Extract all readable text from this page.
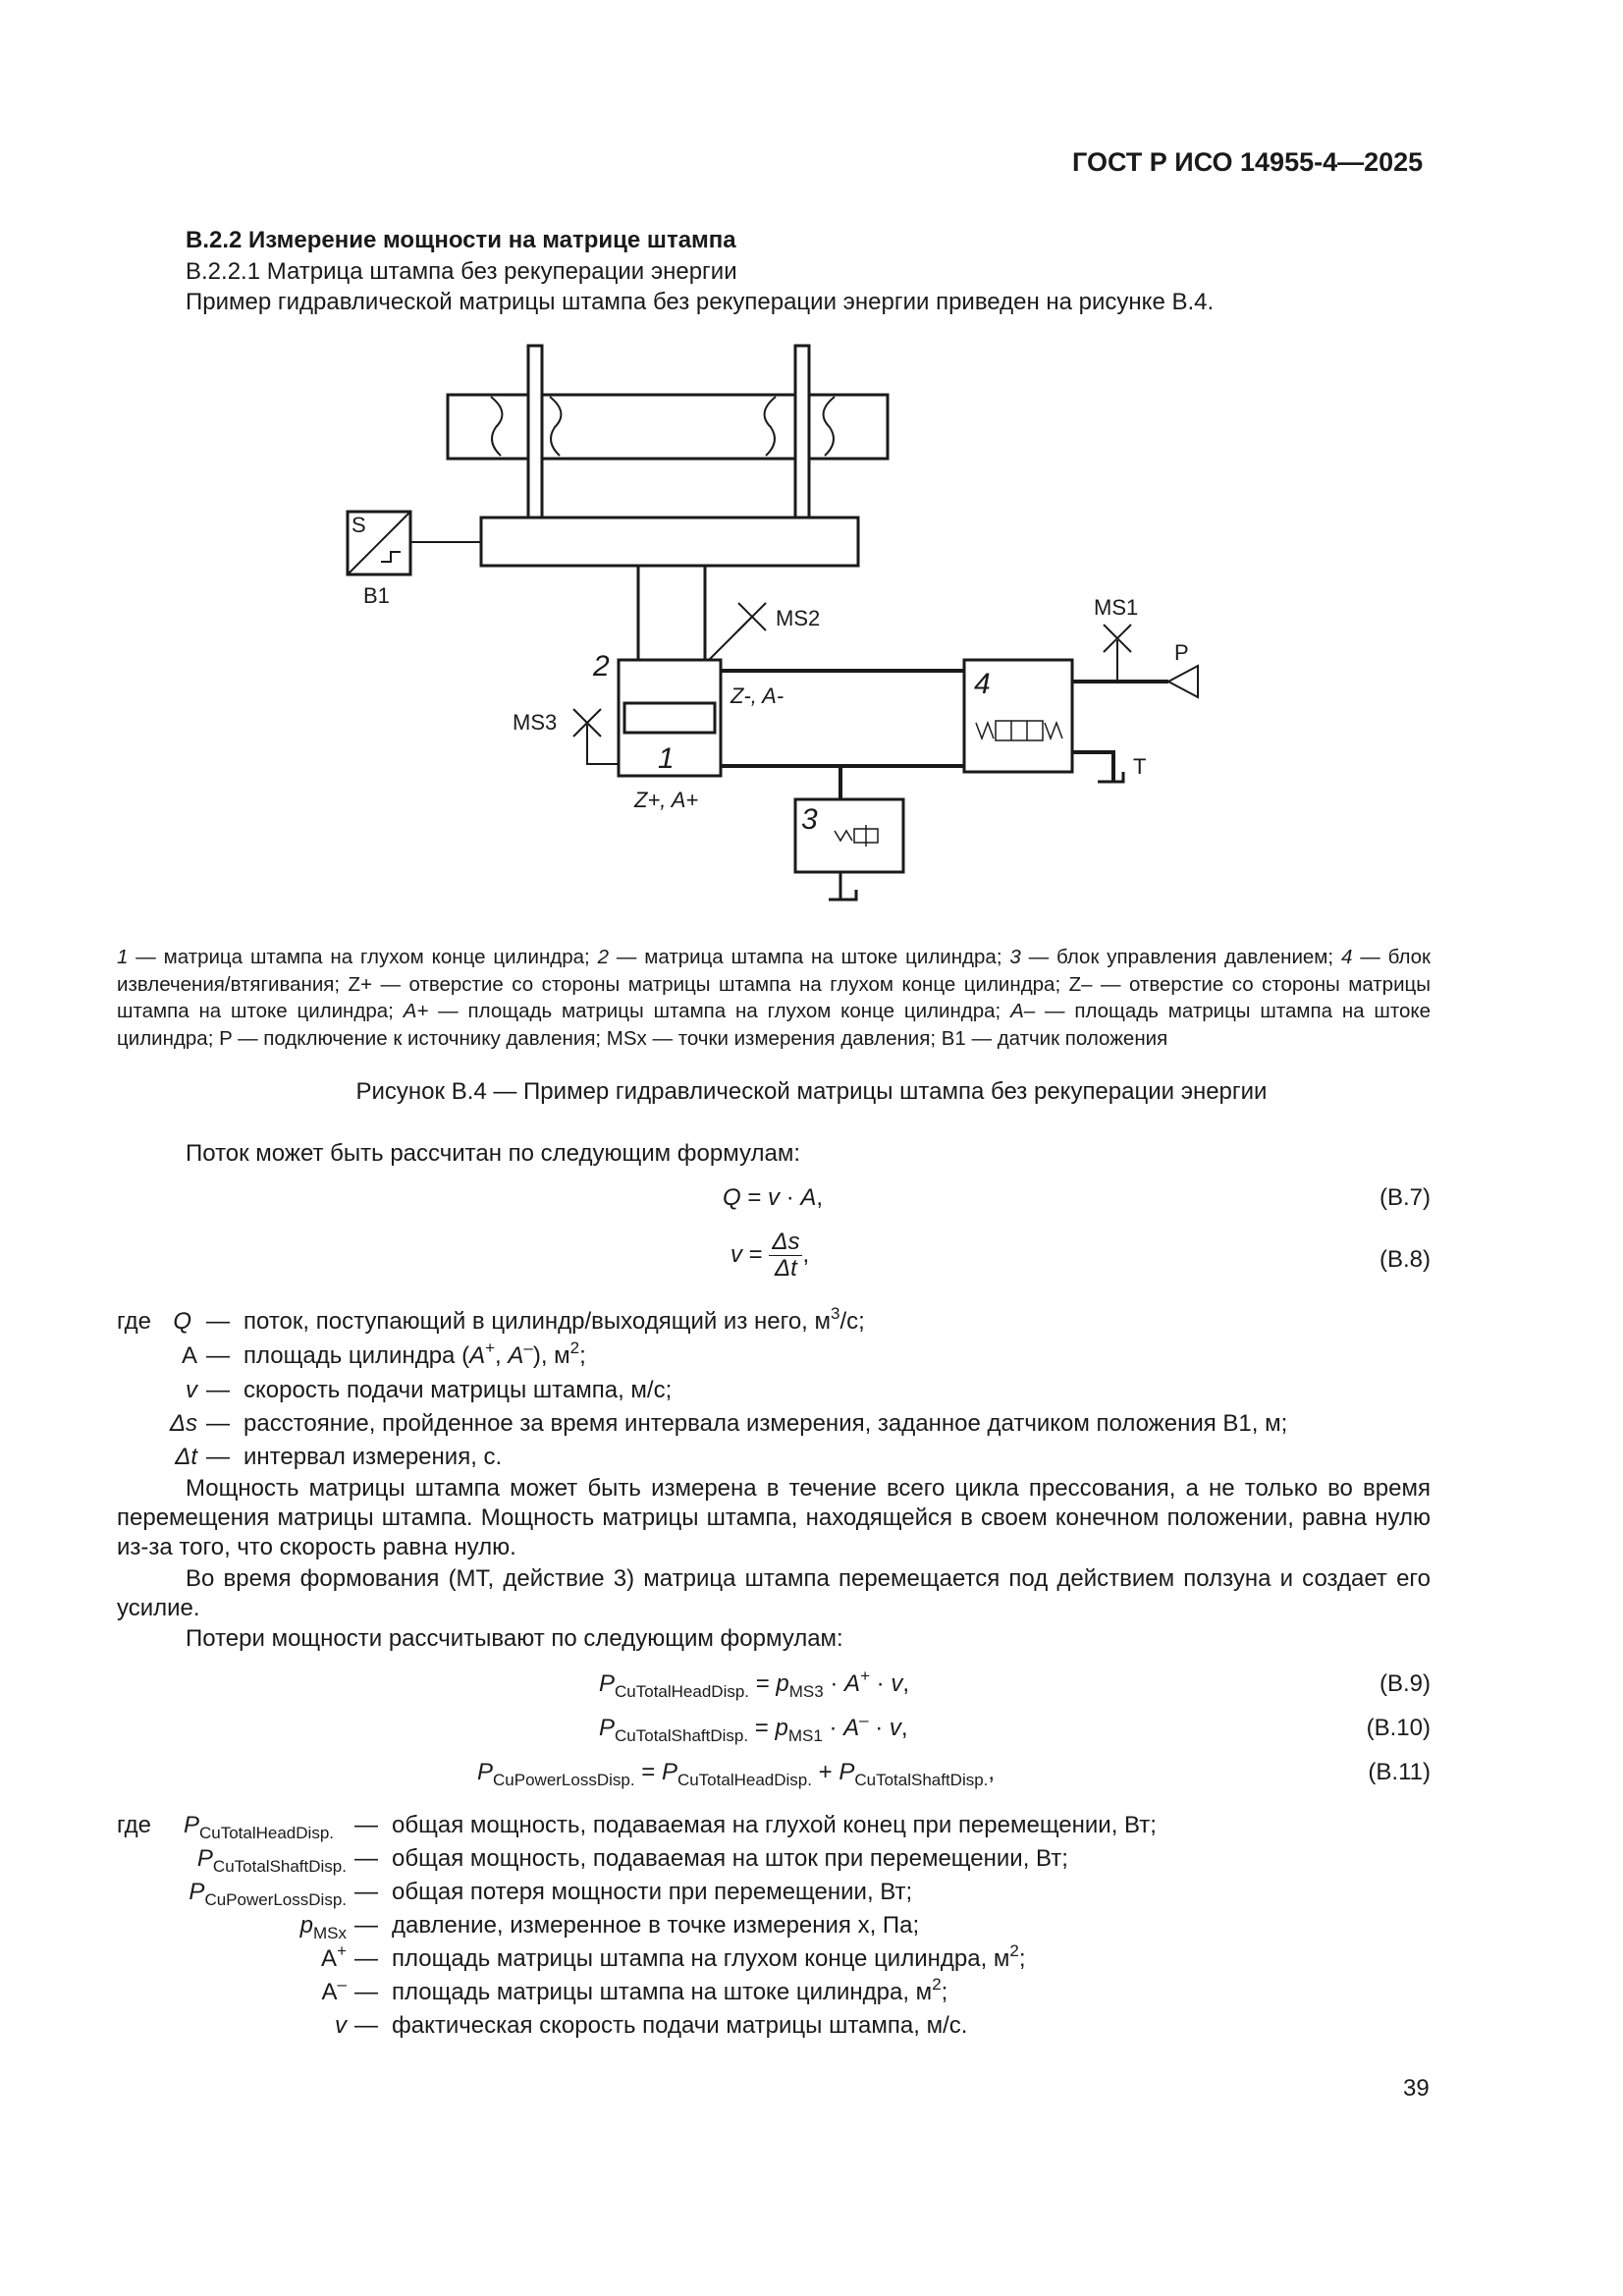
ГОСТ Р ИСО 14955-4—2025
В.2.2 Измерение мощности на матрице штампа
В.2.2.1 Матрица штампа без рекуперации энергии
Пример гидравлической матрицы штампа без рекуперации энергии приведен на рисунке В.4.
S
B1
MS2	MS1
MS3
P
T
Z-, A-
Z+, A+
1
2
3
4
1 — матрица штампа на глухом конце цилиндра; 2 — матрица штампа на штоке цилиндра; 3 — блок управления давлением; 4 — блок извлечения/втягивания; Z+ — отверстие со стороны матрицы штампа на глухом конце цилиндра; Z– — отверстие со стороны матрицы штампа на штоке цилиндра; A+ — площадь матрицы штампа на глухом конце цилиндра; A– — площадь матрицы штампа на штоке цилиндра; P — подключение к источнику давления; MSx — точки измерения давления; B1 — датчик положения
Рисунок В.4 — Пример гидравлической матрицы штампа без рекуперации энергии
Поток может быть рассчитан по следующим формулам:
Q = v · A,	(В.7)
$v = \frac{\Delta s}{\Delta t}$ ,	(В.8)
где Q — поток, поступающий в цилиндр/выходящий из него, $м^3/с$;
A — площадь цилиндра (A+, A–), $м^2$;
v — скорость подачи матрицы штампа, м/с;
Δs — расстояние, пройденное за время интервала измерения, заданное датчиком положения B1, м;
Δt — интервал измерения, с.
Мощность матрицы штампа может быть измерена в течение всего цикла прессования, а не только во время перемещения матрицы штампа. Мощность матрицы штампа, находящейся в своем конечном положении, равна нулю из-за того, что скорость равна нулю.
Во время формования (МТ, действие 3) матрица штампа перемещается под действием ползуна и создает его усилие.
Потери мощности рассчитывают по следующим формулам:
$P_{CuTotalHeadDisp.} = p_{MS3} \cdot A^+ \cdot v$,	(В.9)
$P_{CuTotalShaftDisp.} = p_{MS1} \cdot A^- \cdot v$,	(В.10)
$P_{CuPowerLossDisp.} = P_{CuTotalHeadDisp.} + P_{CuTotalShaftDisp.}$,	(В.11)
где $P_{CuTotalHeadDisp.}$ — общая мощность, подаваемая на глухой конец при перемещении, Вт;
$P_{CuTotalShaftDisp.}$ — общая мощность, подаваемая на шток при перемещении, Вт;
$P_{CuPowerLossDisp.}$ — общая потеря мощности при перемещении, Вт;
$p_{MSx}$ — давление, измеренное в точке измерения x, Па;
A+ — площадь матрицы штампа на глухом конце цилиндра, $м^2$;
A– — площадь матрицы штампа на штоке цилиндра, $м^2$;
v — фактическая скорость подачи матрицы штампа, м/с.
39
